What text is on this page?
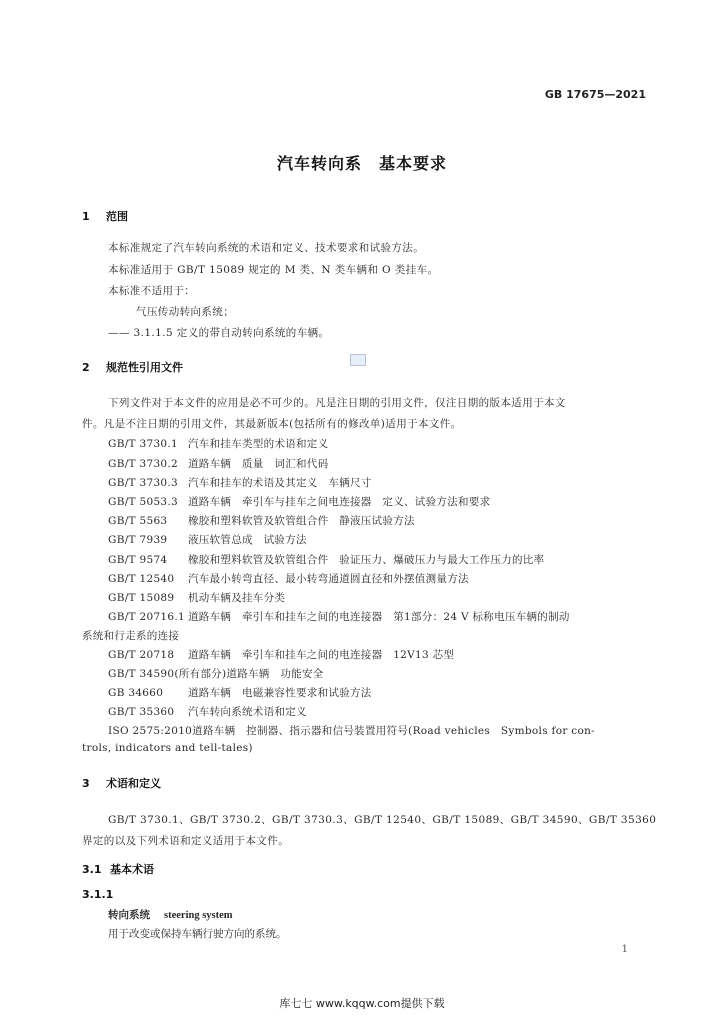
GB 17675—2021
汽车转向系　基本要求
1 范围
本标准规定了汽车转向系统的术语和定义、技术要求和试验方法。
本标准适用于 GB/T 15089 规定的 M 类、N 类车辆和 O 类挂车。
本标准不适用于：
气压传动转向系统；
—— 3.1.1.5 定义的带自动转向系统的车辆。
2 规范性引用文件
下列文件对于本文件的应用是必不可少的。凡是注日期的引用文件，仅注日期的版本适用于本文
件。凡是不注日期的引用文件，其最新版本(包括所有的修改单)适用于本文件。
GB/T 3730.1 汽车和挂车类型的术语和定义
GB/T 3730.2 道路车辆　质量　词汇和代码
GB/T 3730.3 汽车和挂车的术语及其定义　车辆尺寸
GB/T 5053.3 道路车辆　牵引车与挂车之间电连接器　定义、试验方法和要求
GB/T 5563 橡胶和塑料软管及软管组合件　静液压试验方法
GB/T 7939 液压软管总成　试验方法
GB/T 9574 橡胶和塑料软管及软管组合件　验证压力、爆破压力与最大工作压力的比率
GB/T 12540 汽车最小转弯直径、最小转弯通道圆直径和外摆值测量方法
GB/T 15089 机动车辆及挂车分类
GB/T 20716.1 道路车辆　牵引车和挂车之间的电连接器　第1部分：24 V 标称电压车辆的制动
系统和行走系的连接
GB/T 20718 道路车辆　牵引车和挂车之间的电连接器　12V13 芯型
GB/T 34590(所有部分)道路车辆　功能安全
GB 34660 道路车辆　电磁兼容性要求和试验方法
GB/T 35360 汽车转向系统术语和定义
ISO 2575:2010道路车辆　控制器、指示器和信号装置用符号(Road vehicles　Symbols for con-
trols, indicators and tell-tales)
3 术语和定义
GB/T 3730.1、GB/T 3730.2、GB/T 3730.3、GB/T 12540、GB/T 15089、GB/T 34590、GB/T 35360
界定的以及下列术语和定义适用于本文件。
3.1 基本术语
3.1.1
转向系统 steering system
用于改变或保持车辆行驶方向的系统。
1
库七七 www.kqqw.com提供下载
